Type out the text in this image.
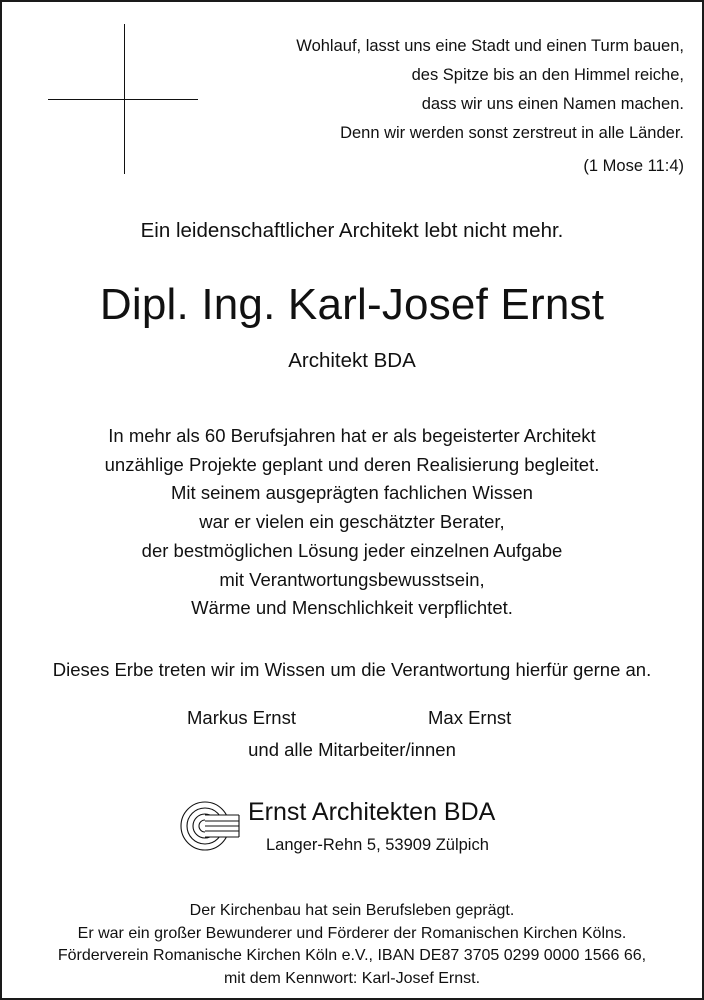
Wohlauf, lasst uns eine Stadt und einen Turm bauen,
des Spitze bis an den Himmel reiche,
dass wir uns einen Namen machen.
Denn wir werden sonst zerstreut in alle Länder.
(1 Mose 11:4)
Ein leidenschaftlicher Architekt lebt nicht mehr.
Dipl. Ing. Karl-Josef Ernst
Architekt BDA
In mehr als 60 Berufsjahren hat er als begeisterter Architekt
unzählige Projekte geplant und deren Realisierung begleitet.
Mit seinem ausgeprägten fachlichen Wissen
war er vielen ein geschätzter Berater,
der bestmöglichen Lösung jeder einzelnen Aufgabe
mit Verantwortungsbewusstsein,
Wärme und Menschlichkeit verpflichtet.
Dieses Erbe treten wir im Wissen um die Verantwortung hierfür gerne an.
Markus Ernst	Max Ernst
und alle Mitarbeiter/innen
Ernst Architekten BDA
Langer-Rehn 5, 53909 Zülpich
Der Kirchenbau hat sein Berufsleben geprägt.
Er war ein großer Bewunderer und Förderer der Romanischen Kirchen Kölns.
Förderverein Romanische Kirchen Köln e.V., IBAN DE87 3705 0299 0000 1566 66,
mit dem Kennwort: Karl-Josef Ernst.
